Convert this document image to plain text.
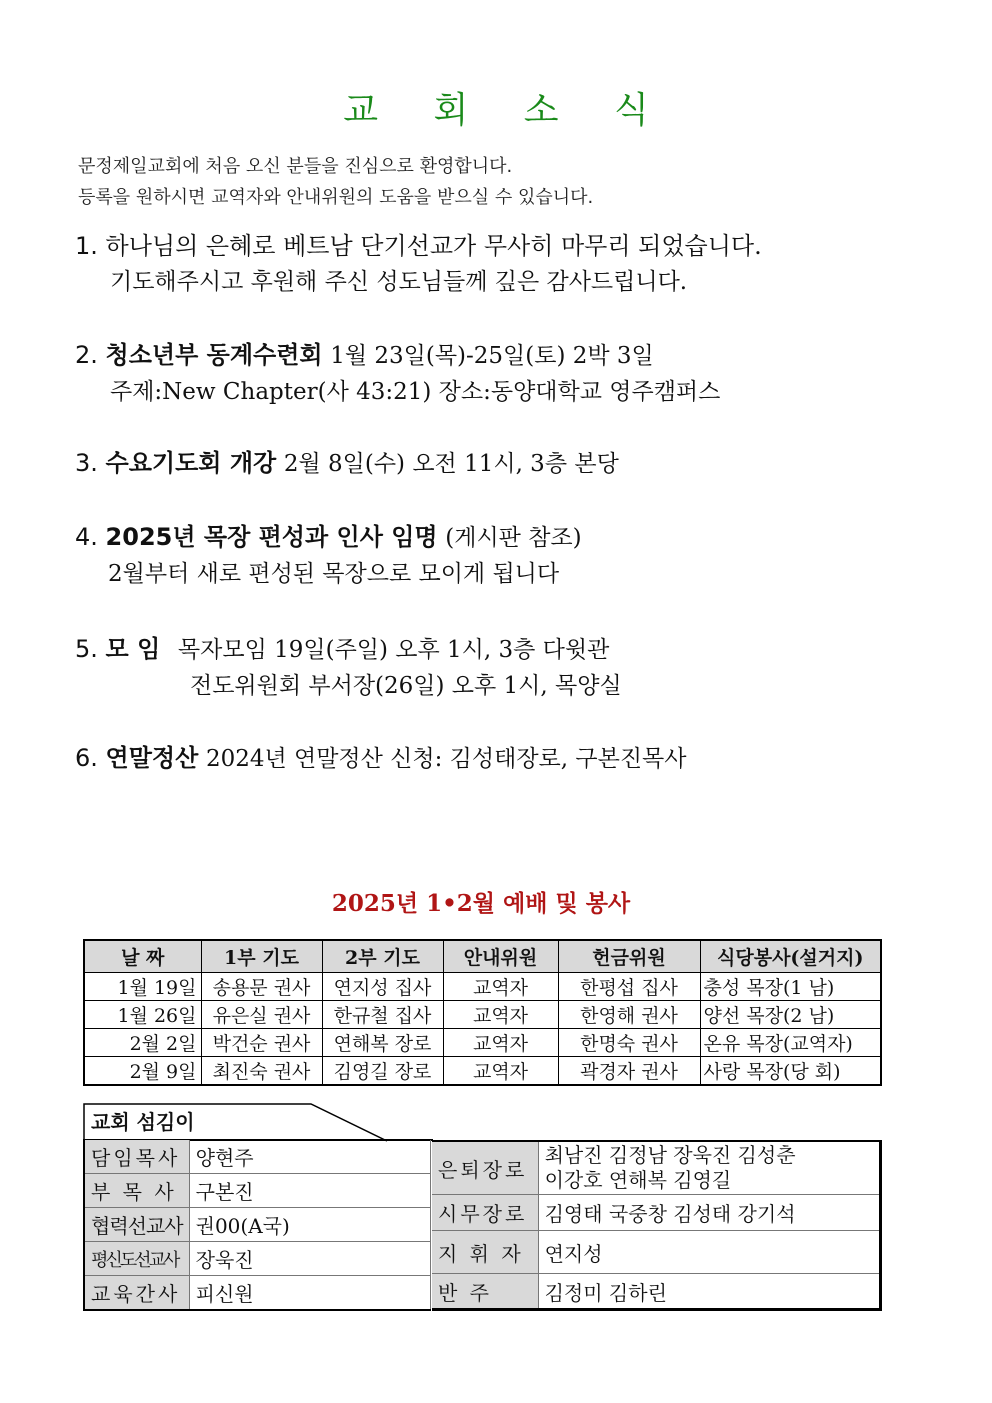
교 회 소 식
문정제일교회에 처음 오신 분들을 진심으로 환영합니다.
등록을 원하시면 교역자와 안내위원의 도움을 받으실 수 있습니다.
1. 하나님의 은혜로 베트남 단기선교가 무사히 마무리 되었습니다.
기도해주시고 후원해 주신 성도님들께 깊은 감사드립니다.
2. 청소년부 동계수련회 1월 23일(목)-25일(토) 2박 3일
주제:New Chapter(사 43:21) 장소:동양대학교 영주캠퍼스
3. 수요기도회 개강 2월 8일(수) 오전 11시, 3층 본당
4. 2025년 목장 편성과 인사 임명 (게시판 참조)
2월부터 새로 편성된 목장으로 모이게 됩니다
5. 모 임 목자모임 19일(주일) 오후 1시, 3층 다윗관
전도위원회 부서장(26일) 오후 1시, 목양실
6. 연말정산 2024년 연말정산 신청: 김성태장로, 구본진목사
2025년 1•2월 예배 및 봉사
날 짜	1부 기도	2부 기도	안내위원	헌금위원	식당봉사(설거지)
1월 19일	송용문 권사	연지성 집사	교역자	한평섭 집사	충성 목장(1 남)
1월 26일	유은실 권사	한규철 집사	교역자	한영해 권사	양선 목장(2 남)
2월 2일	박건순 권사	연해복 장로	교역자	한명숙 권사	온유 목장(교역자)
2월 9일	최진숙 권사	김영길 장로	교역자	곽경자 권사	사랑 목장(당 회)
교회 섬김이
담임목사	양현주
부 목 사	구본진
협력선교사	권00(A국)
평신도선교사	장욱진
교육간사	피신원
은퇴장로	최남진 김정남 장욱진 김성춘
이강호 연해복 김영길

시무장로	김영태 국중창 김성태 강기석
지 휘 자	연지성
반 주	김정미 김하린
